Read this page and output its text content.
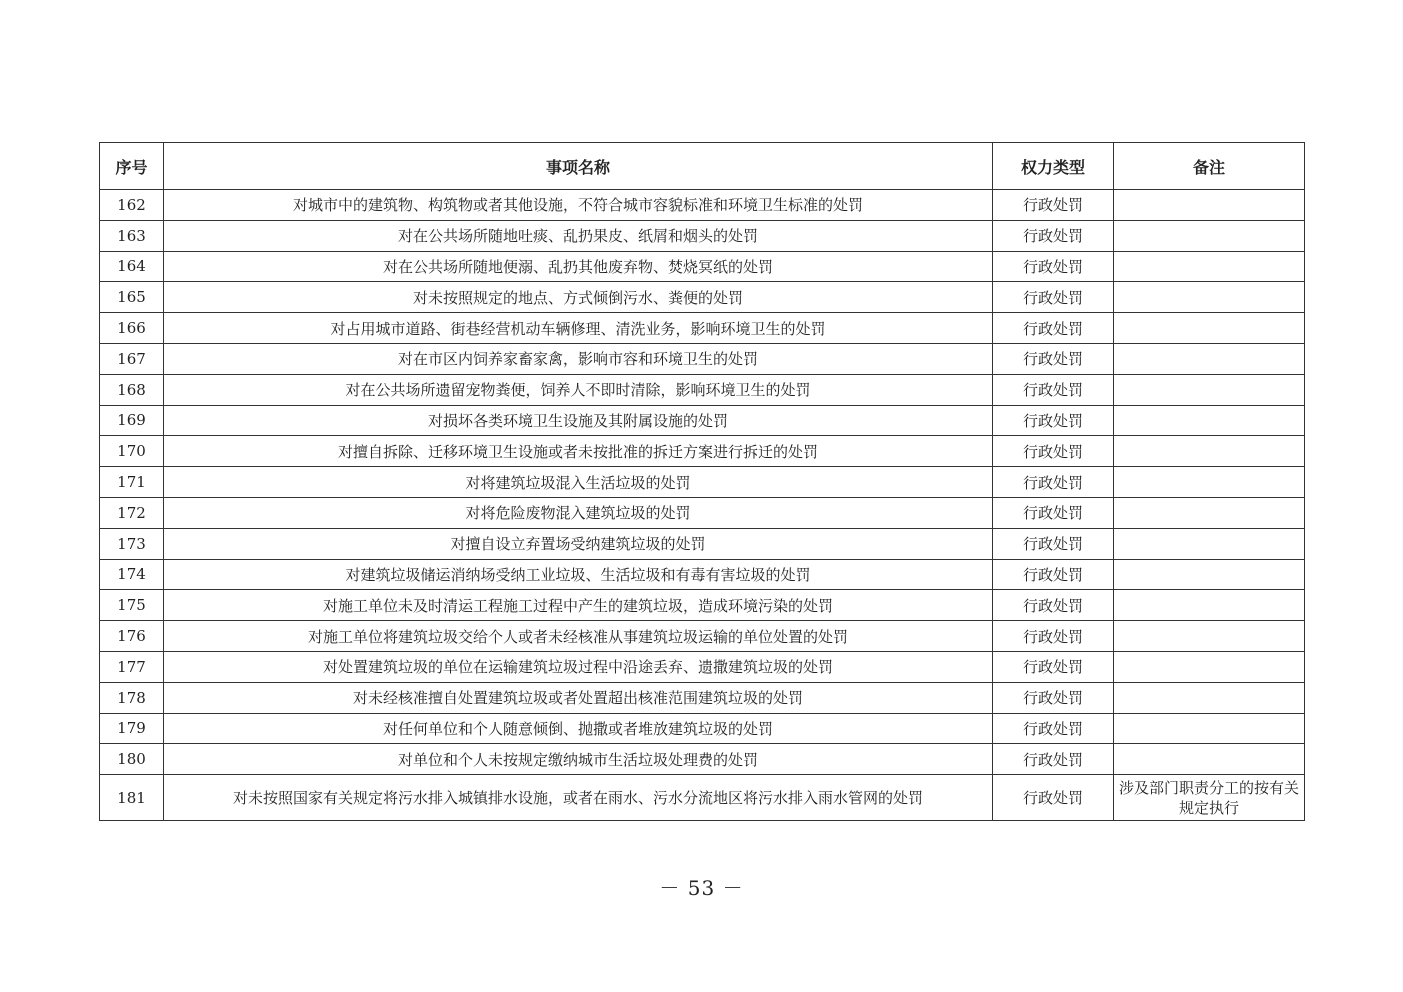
序号	事项名称	权力类型	备注
162	对城市中的建筑物、构筑物或者其他设施，不符合城市容貌标准和环境卫生标准的处罚	行政处罚	
163	对在公共场所随地吐痰、乱扔果皮、纸屑和烟头的处罚	行政处罚	
164	对在公共场所随地便溺、乱扔其他废弃物、焚烧冥纸的处罚	行政处罚	
165	对未按照规定的地点、方式倾倒污水、粪便的处罚	行政处罚	
166	对占用城市道路、街巷经营机动车辆修理、清洗业务，影响环境卫生的处罚	行政处罚	
167	对在市区内饲养家畜家禽，影响市容和环境卫生的处罚	行政处罚	
168	对在公共场所遗留宠物粪便，饲养人不即时清除，影响环境卫生的处罚	行政处罚	
169	对损坏各类环境卫生设施及其附属设施的处罚	行政处罚	
170	对擅自拆除、迁移环境卫生设施或者未按批准的拆迁方案进行拆迁的处罚	行政处罚	
171	对将建筑垃圾混入生活垃圾的处罚	行政处罚	
172	对将危险废物混入建筑垃圾的处罚	行政处罚	
173	对擅自设立弃置场受纳建筑垃圾的处罚	行政处罚	
174	对建筑垃圾储运消纳场受纳工业垃圾、生活垃圾和有毒有害垃圾的处罚	行政处罚	
175	对施工单位未及时清运工程施工过程中产生的建筑垃圾，造成环境污染的处罚	行政处罚	
176	对施工单位将建筑垃圾交给个人或者未经核准从事建筑垃圾运输的单位处置的处罚	行政处罚	
177	对处置建筑垃圾的单位在运输建筑垃圾过程中沿途丢弃、遗撒建筑垃圾的处罚	行政处罚	
178	对未经核准擅自处置建筑垃圾或者处置超出核准范围建筑垃圾的处罚	行政处罚	
179	对任何单位和个人随意倾倒、抛撒或者堆放建筑垃圾的处罚	行政处罚	
180	对单位和个人未按规定缴纳城市生活垃圾处理费的处罚	行政处罚	
181	对未按照国家有关规定将污水排入城镇排水设施，或者在雨水、污水分流地区将污水排入雨水管网的处罚	行政处罚	涉及部门职责分工的按有关规定执行
－ 53 －
